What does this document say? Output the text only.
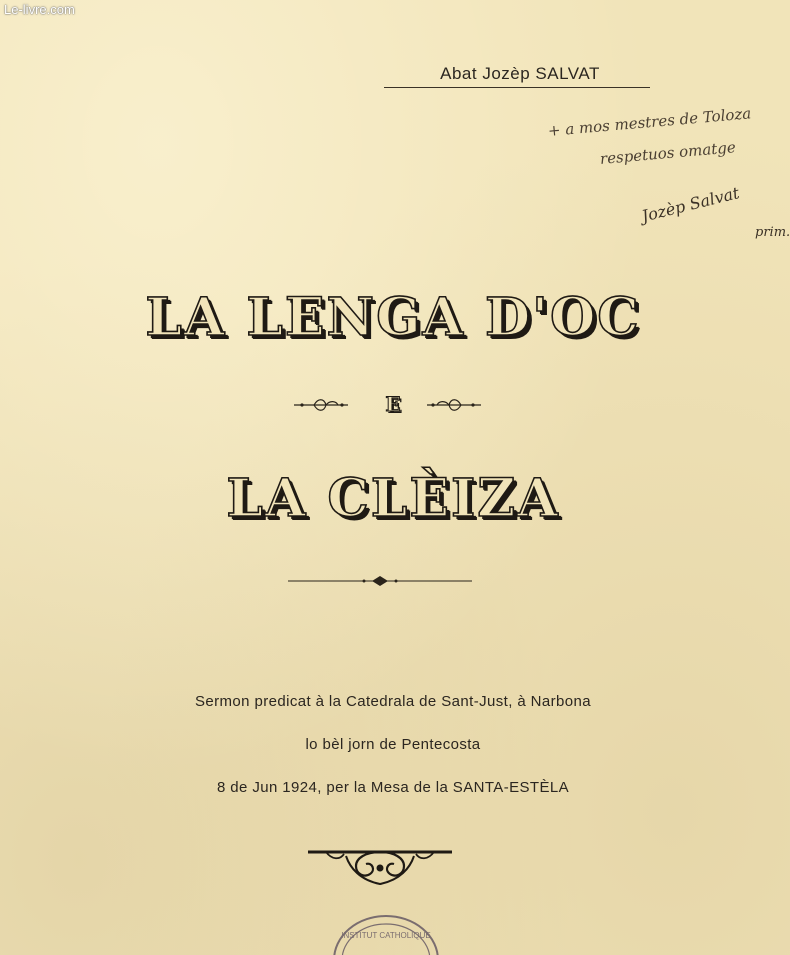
Le-livre.com
Abat Jozèp SALVAT
+ a mos mestres de Toloza
respetuos omatge
Jozèp Salvat
prim.
LA LENGA D'OC
E
LA CLÈIZA
Sermon predicat à la Catedrala de Sant-Just, à Narbona
lo bèl jorn de Pentecosta
8 de Jun 1924, per la Mesa de la SANTA-ESTÈLA
INSTITUT CATHOLIQUE
